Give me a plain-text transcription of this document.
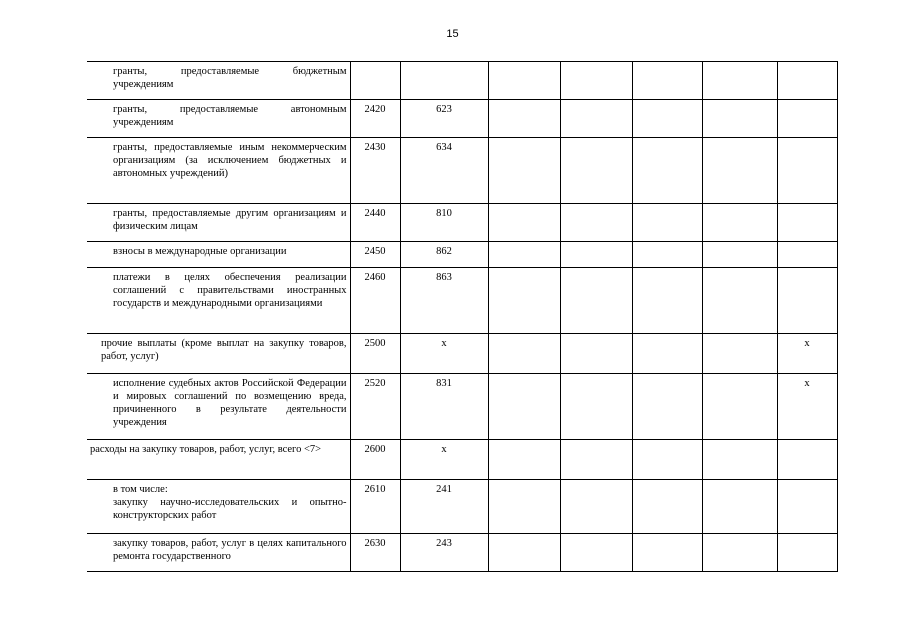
15
гранты, предоставляемые бюджетным учреждениям							
гранты, предоставляемые автономным учреждениям	2420	623					
гранты, предоставляемые иным некоммерческим организациям (за исключением бюджетных и автономных учреждений)	2430	634					
гранты, предоставляемые другим организациям и физическим лицам	2440	810					
взносы в международные организации	2450	862					
платежи в целях обеспечения реализации соглашений с правительствами иностранных государств и международными организациями	2460	863					
прочие выплаты (кроме выплат на закупку товаров, работ, услуг)	2500	х					х
исполнение судебных актов Российской Федерации и мировых соглашений по возмещению вреда, причиненного в результате деятельности учреждения	2520	831					х
расходы на закупку товаров, работ, услуг, всего <7>	2600	х					
в том числе:
закупку научно-исследовательских и опытно-конструкторских работ	2610	241					
закупку товаров, работ, услуг в целях капитального ремонта государственного	2630	243					
